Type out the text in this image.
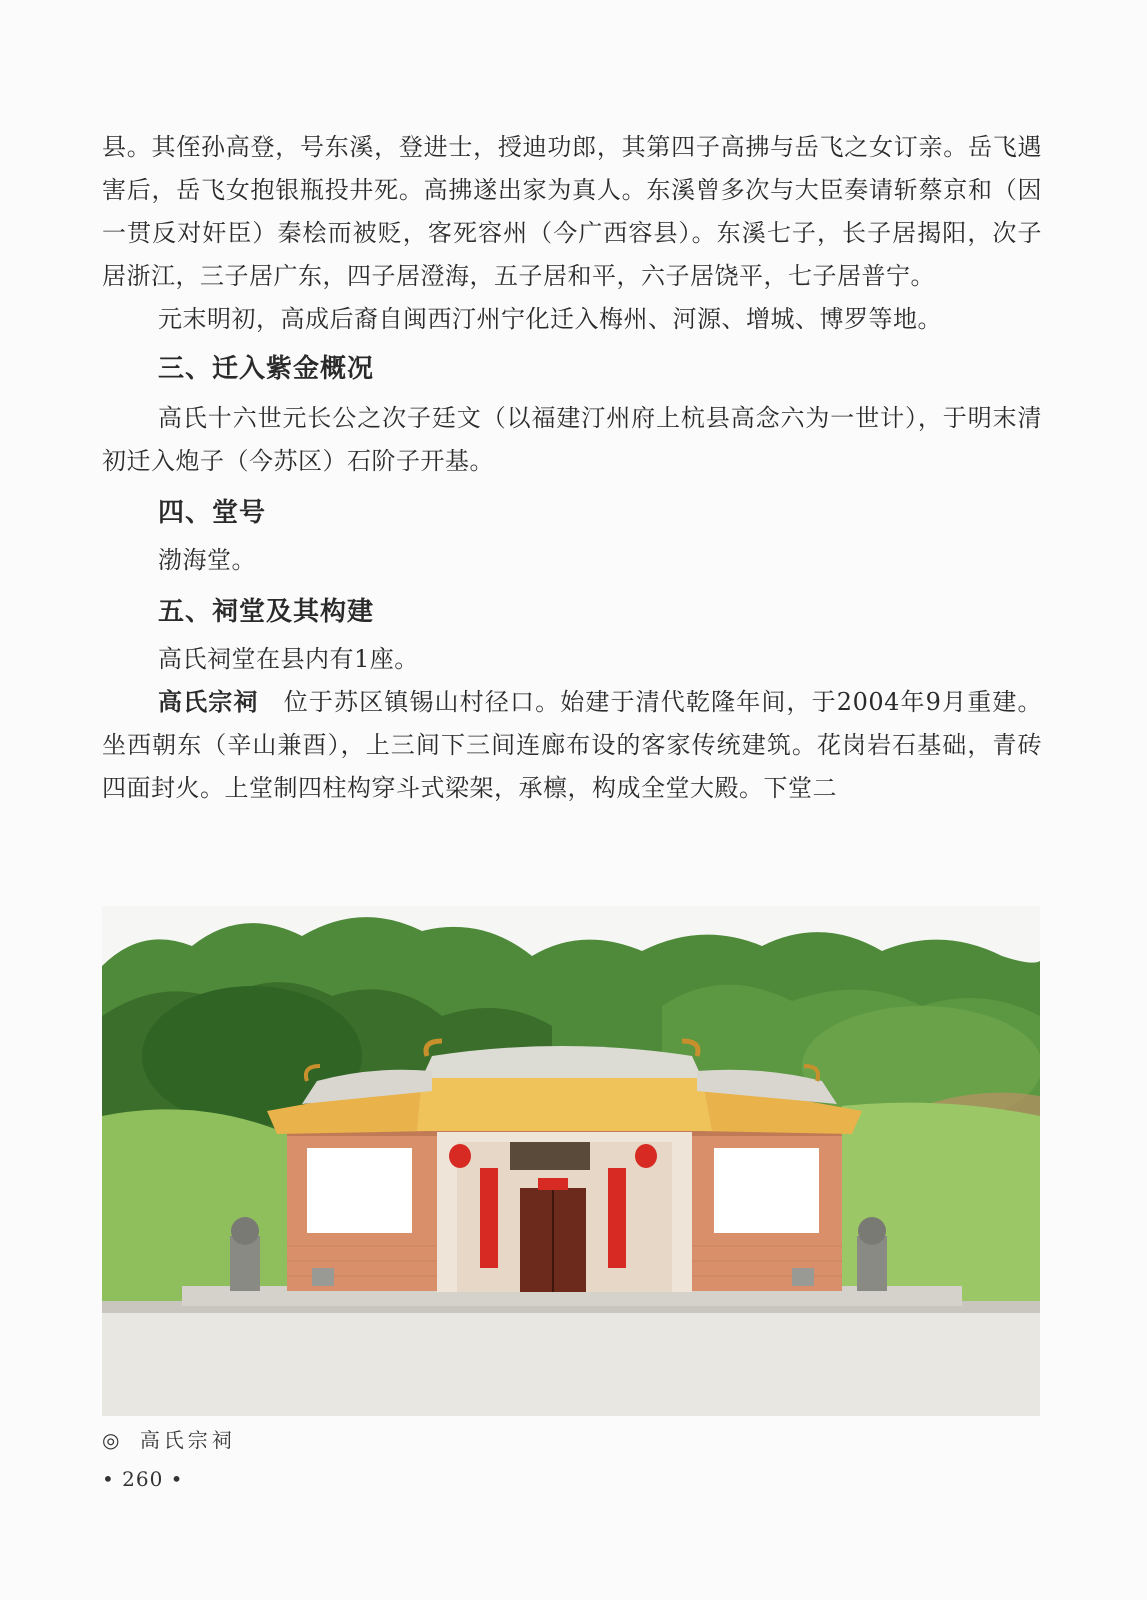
县。其侄孙高登，号东溪，登进士，授迪功郎，其第四子高拂与岳飞之女订亲。岳飞遇害后，岳飞女抱银瓶投井死。高拂遂出家为真人。东溪曾多次与大臣奏请斩蔡京和（因一贯反对奸臣）秦桧而被贬，客死容州（今广西容县）。东溪七子，长子居揭阳，次子居浙江，三子居广东，四子居澄海，五子居和平，六子居饶平，七子居普宁。

元末明初，高成后裔自闽西汀州宁化迁入梅州、河源、增城、博罗等地。

三、迁入紫金概况

高氏十六世元长公之次子廷文（以福建汀州府上杭县高念六为一世计），于明末清初迁入炮子（今苏区）石阶子开基。

四、堂号

渤海堂。

五、祠堂及其构建

高氏祠堂在县内有1座。

高氏宗祠　位于苏区镇锡山村径口。始建于清代乾隆年间，于2004年9月重建。坐西朝东（辛山兼酉），上三间下三间连廊布设的客家传统建筑。花岗岩石基础，青砖四面封火。上堂制四柱构穿斗式梁架，承檩，构成全堂大殿。下堂二

◎ 高氏宗祠
• 260 •
